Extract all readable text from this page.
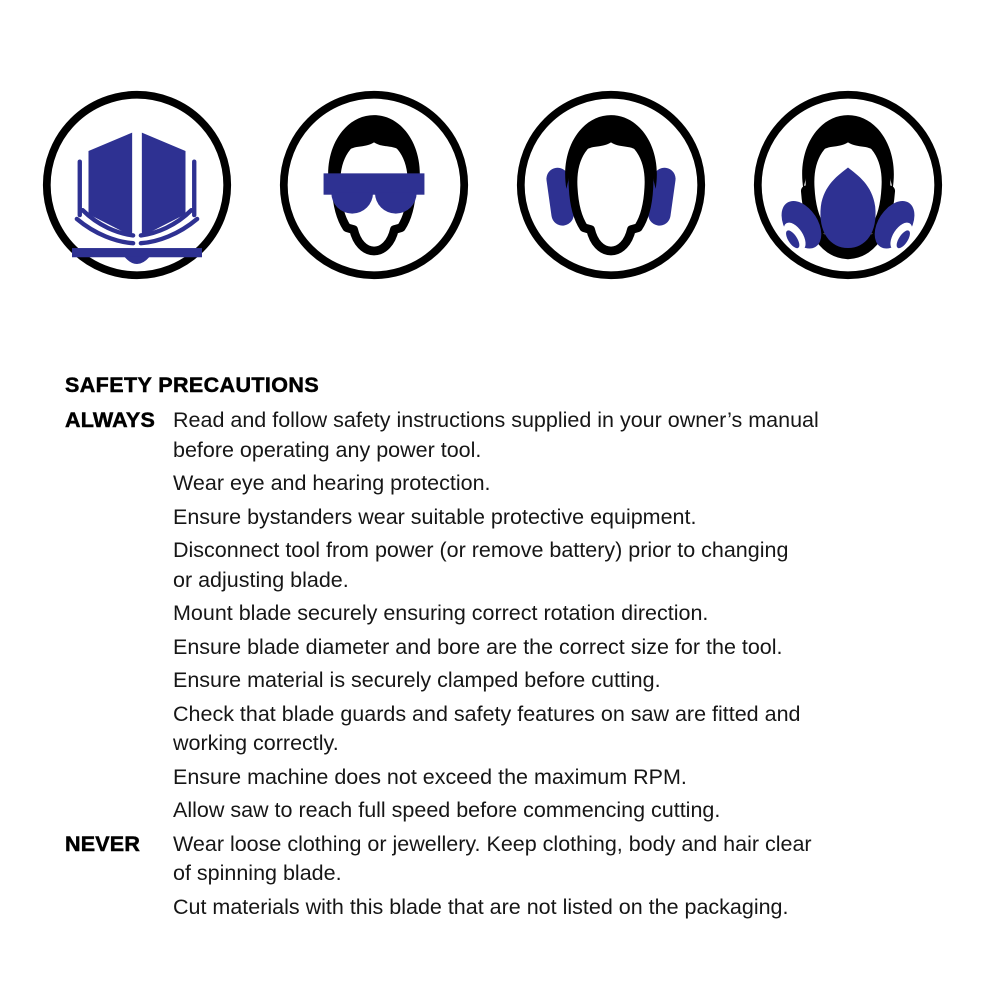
SAFETY PRECAUTIONS
ALWAYS Read and follow safety instructions supplied in your owner’s manual
before operating any power tool.
Wear eye and hearing protection.
Ensure bystanders wear suitable protective equipment.
Disconnect tool from power (or remove battery) prior to changing
or adjusting blade.
Mount blade securely ensuring correct rotation direction.
Ensure blade diameter and bore are the correct size for the tool.
Ensure material is securely clamped before cutting.
Check that blade guards and safety features on saw are fitted and
working correctly.
Ensure machine does not exceed the maximum RPM.
Allow saw to reach full speed before commencing cutting.
NEVER	Wear loose clothing or jewellery. Keep clothing, body and hair clear
of spinning blade.
Cut materials with this blade that are not listed on the packaging.
